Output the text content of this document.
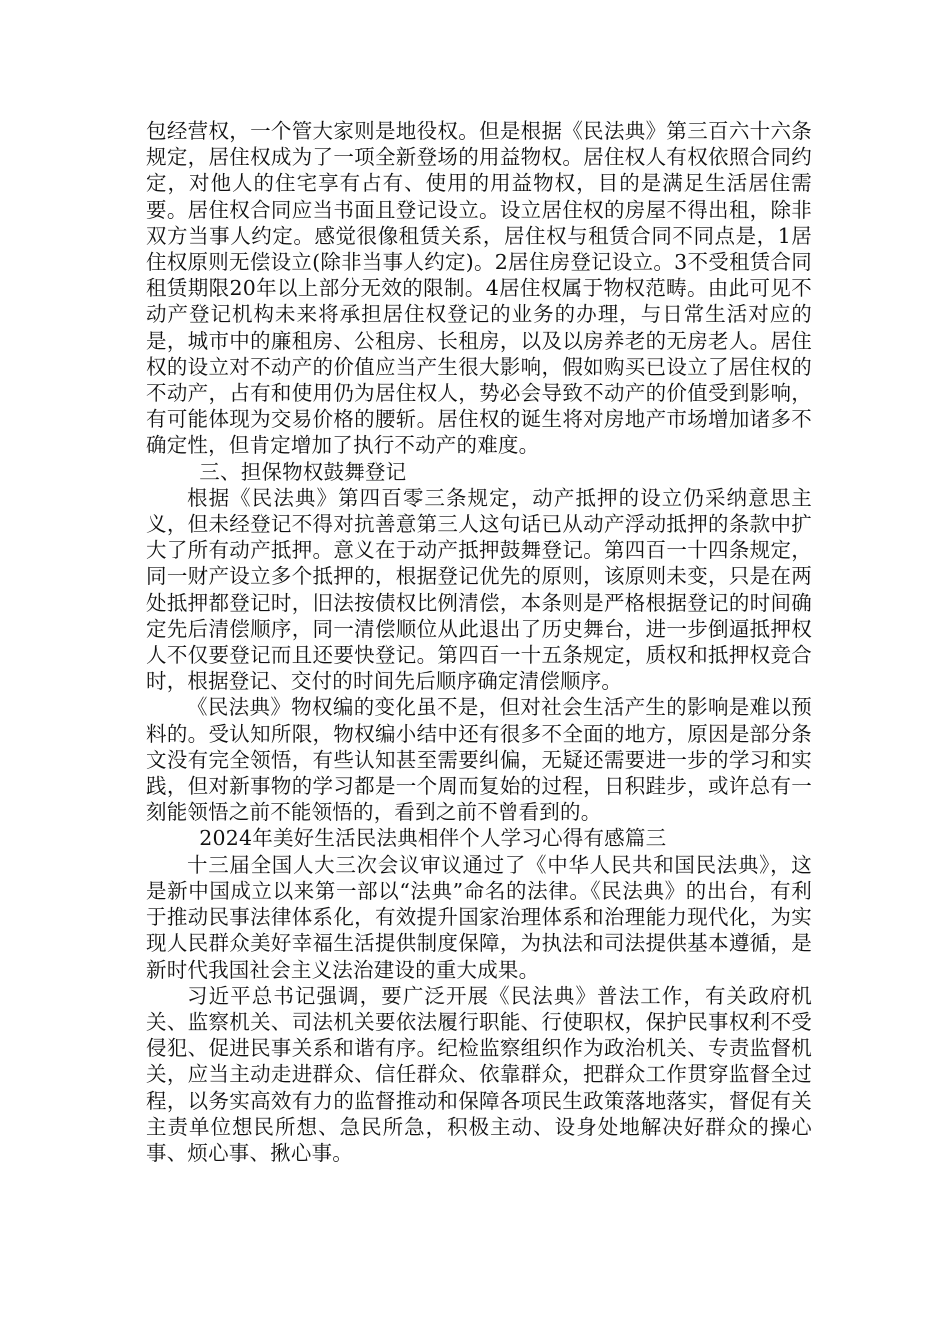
包经营权，一个管大家则是地役权。但是根据《民法典》第三百六十六条规定，居住权成为了一项全新登场的用益物权。居住权人有权依照合同约定，对他人的住宅享有占有、使用的用益物权，目的是满足生活居住需要。居住权合同应当书面且登记设立。设立居住权的房屋不得出租，除非双方当事人约定。感觉很像租赁关系，居住权与租赁合同不同点是，1居住权原则无偿设立(除非当事人约定)。2居住房登记设立。3不受租赁合同租赁期限20年以上部分无效的限制。4居住权属于物权范畴。由此可见不动产登记机构未来将承担居住权登记的业务的办理，与日常生活对应的是，城市中的廉租房、公租房、长租房，以及以房养老的无房老人。居住权的设立对不动产的价值应当产生很大影响，假如购买已设立了居住权的不动产，占有和使用仍为居住权人，势必会导致不动产的价值受到影响，有可能体现为交易价格的腰斩。居住权的诞生将对房地产市场增加诸多不确定性，但肯定增加了执行不动产的难度。

三、担保物权鼓舞登记

根据《民法典》第四百零三条规定，动产抵押的设立仍采纳意思主义，但未经登记不得对抗善意第三人这句话已从动产浮动抵押的条款中扩大了所有动产抵押。意义在于动产抵押鼓舞登记。第四百一十四条规定，同一财产设立多个抵押的，根据登记优先的原则，该原则未变，只是在两处抵押都登记时，旧法按债权比例清偿，本条则是严格根据登记的时间确定先后清偿顺序，同一清偿顺位从此退出了历史舞台，进一步倒逼抵押权人不仅要登记而且还要快登记。第四百一十五条规定，质权和抵押权竞合时，根据登记、交付的时间先后顺序确定清偿顺序。

《民法典》物权编的变化虽不是，但对社会生活产生的影响是难以预料的。受认知所限，物权编小结中还有很多不全面的地方，原因是部分条文没有完全领悟，有些认知甚至需要纠偏，无疑还需要进一步的学习和实践，但对新事物的学习都是一个周而复始的过程，日积跬步，或许总有一刻能领悟之前不能领悟的，看到之前不曾看到的。

2024年美好生活民法典相伴个人学习心得有感篇三

十三届全国人大三次会议审议通过了《中华人民共和国民法典》，这是新中国成立以来第一部以“法典”命名的法律。《民法典》的出台，有利于推动民事法律体系化，有效提升国家治理体系和治理能力现代化，为实现人民群众美好幸福生活提供制度保障，为执法和司法提供基本遵循，是新时代我国社会主义法治建设的重大成果。

习近平总书记强调，要广泛开展《民法典》普法工作，有关政府机关、监察机关、司法机关要依法履行职能、行使职权，保护民事权利不受侵犯、促进民事关系和谐有序。纪检监察组织作为政治机关、专责监督机关，应当主动走进群众、信任群众、依靠群众，把群众工作贯穿监督全过程，以务实高效有力的监督推动和保障各项民生政策落地落实，督促有关主责单位想民所想、急民所急，积极主动、设身处地解决好群众的操心事、烦心事、揪心事。
